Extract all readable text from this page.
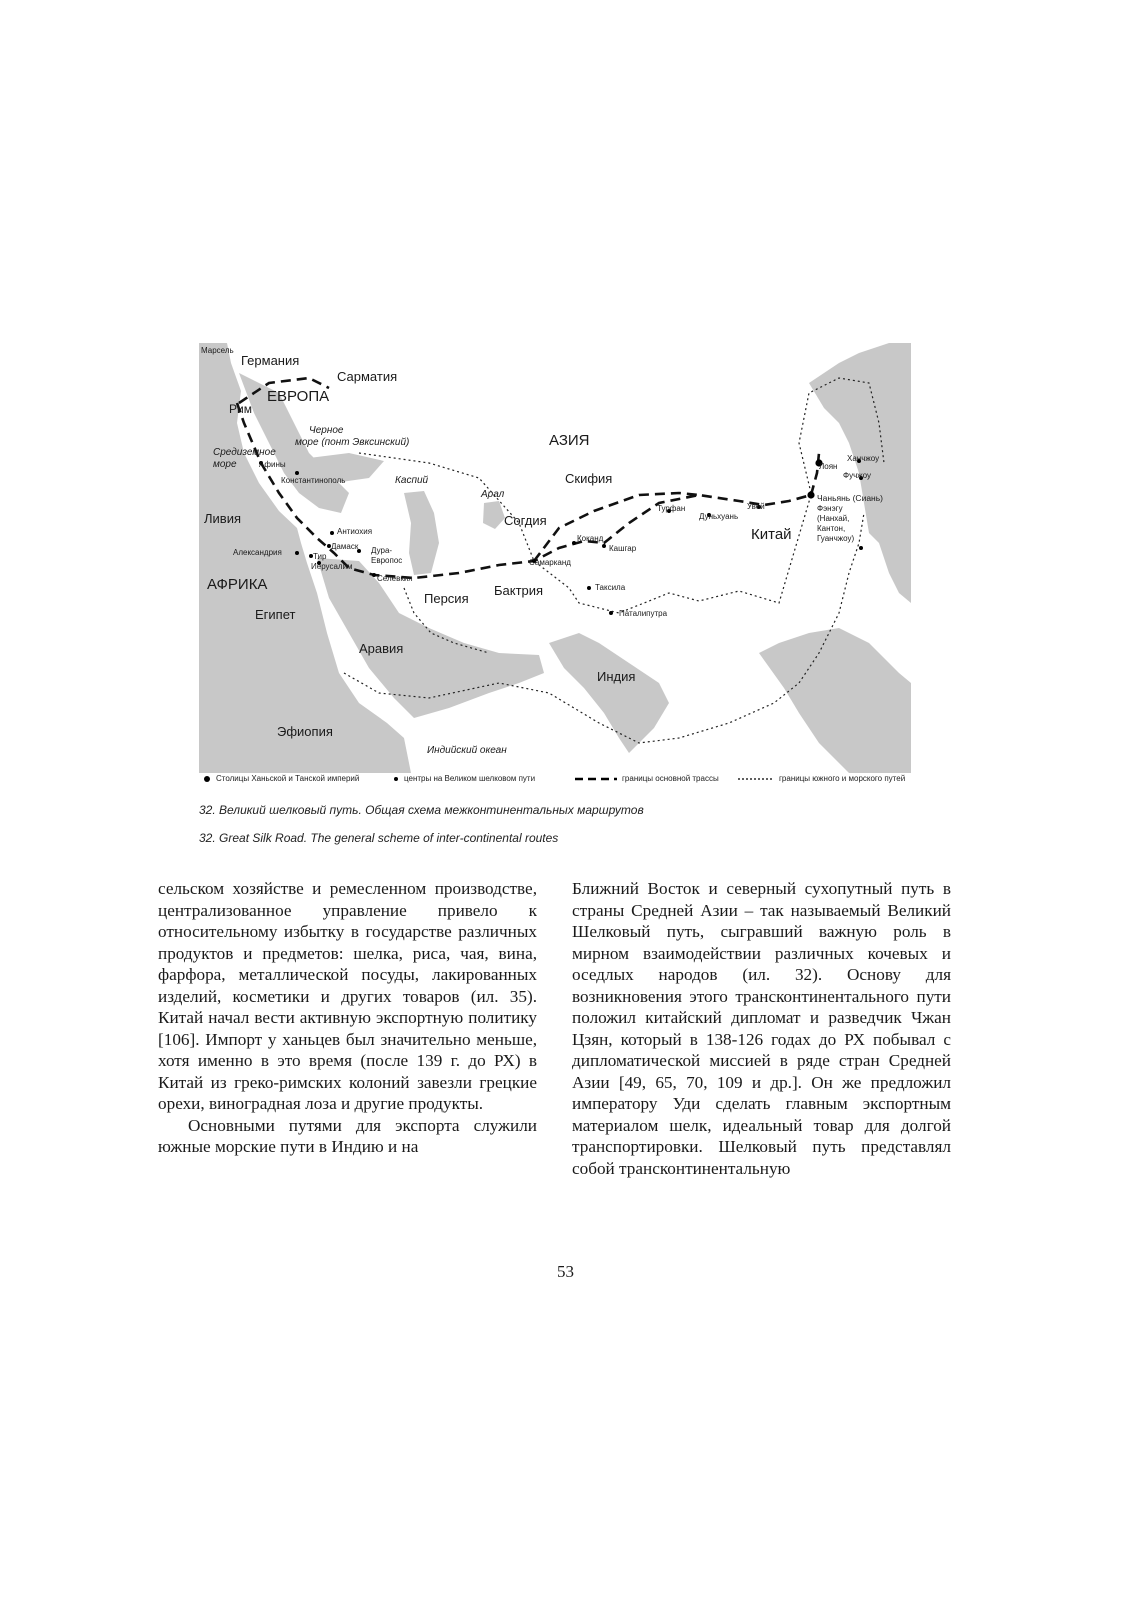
Марсель
Германия
Сарматия
ЕВРОПА
Рим
Черное
море (понт Эвксинский)	АЗИЯ
Средиземное
море	Афины
Константинополь	Каспий
Арал
Скифия
Согдия
Турфан
Дуньхуань
Увей
Чаньянь (Сиань)
Лоян
Ханчжоу
Фучжоу
Фэнэгу
(Нанхай,
Кантон,
Гуанчжоу)
Китай
Ливия
Антиохия
Дамаск
Александрия	Тир
Иерусалим
Дура-
Европос
Коканд
Кашгар
Самарканд
Селевкия
АФРИКА
Персия
Бактрия	Таксила
Паталипутра
Египет
Аравия
Индия
Эфиопия
Индийский океан
Столицы Ханьской и Танской империй	центры на Великом шелковом пути	границы основной трассы	границы южного и морского путей
32. Великий шелковый путь. Общая схема межконтинентальных маршрутов
32. Great Silk Road. The general scheme of inter-continental routes

сельском хозяйстве и ремесленном производстве, централизованное управление привело к относительному избытку в государстве различных продуктов и предметов: шелка, риса, чая, вина, фарфора, металлической посуды, лакированных изделий, косметики и других товаров (ил. 35). Китай начал вести активную экспортную политику [106]. Импорт у ханьцев был значительно меньше, хотя именно в это время (после 139 г. до РХ) в Китай из греко-римских колоний завезли грецкие орехи, виноградная лоза и другие продукты.

Основными путями для экспорта служили южные морские пути в Индию и на

Ближний Восток и северный сухопутный путь в страны Средней Азии – так называемый Великий Шелковый путь, сыгравший важную роль в мирном взаимодействии различных кочевых и оседлых народов (ил. 32). Основу для возникновения этого трансконтинентального пути положил китайский дипломат и разведчик Чжан Цзян, который в 138-126 годах до РХ побывал с дипломатической миссией в ряде стран Средней Азии [49, 65, 70, 109 и др.]. Он же предложил императору Уди сделать главным экспортным материалом шелк, идеальный товар для долгой транспортировки. Шелковый путь представлял собой трансконтинентальную

53
